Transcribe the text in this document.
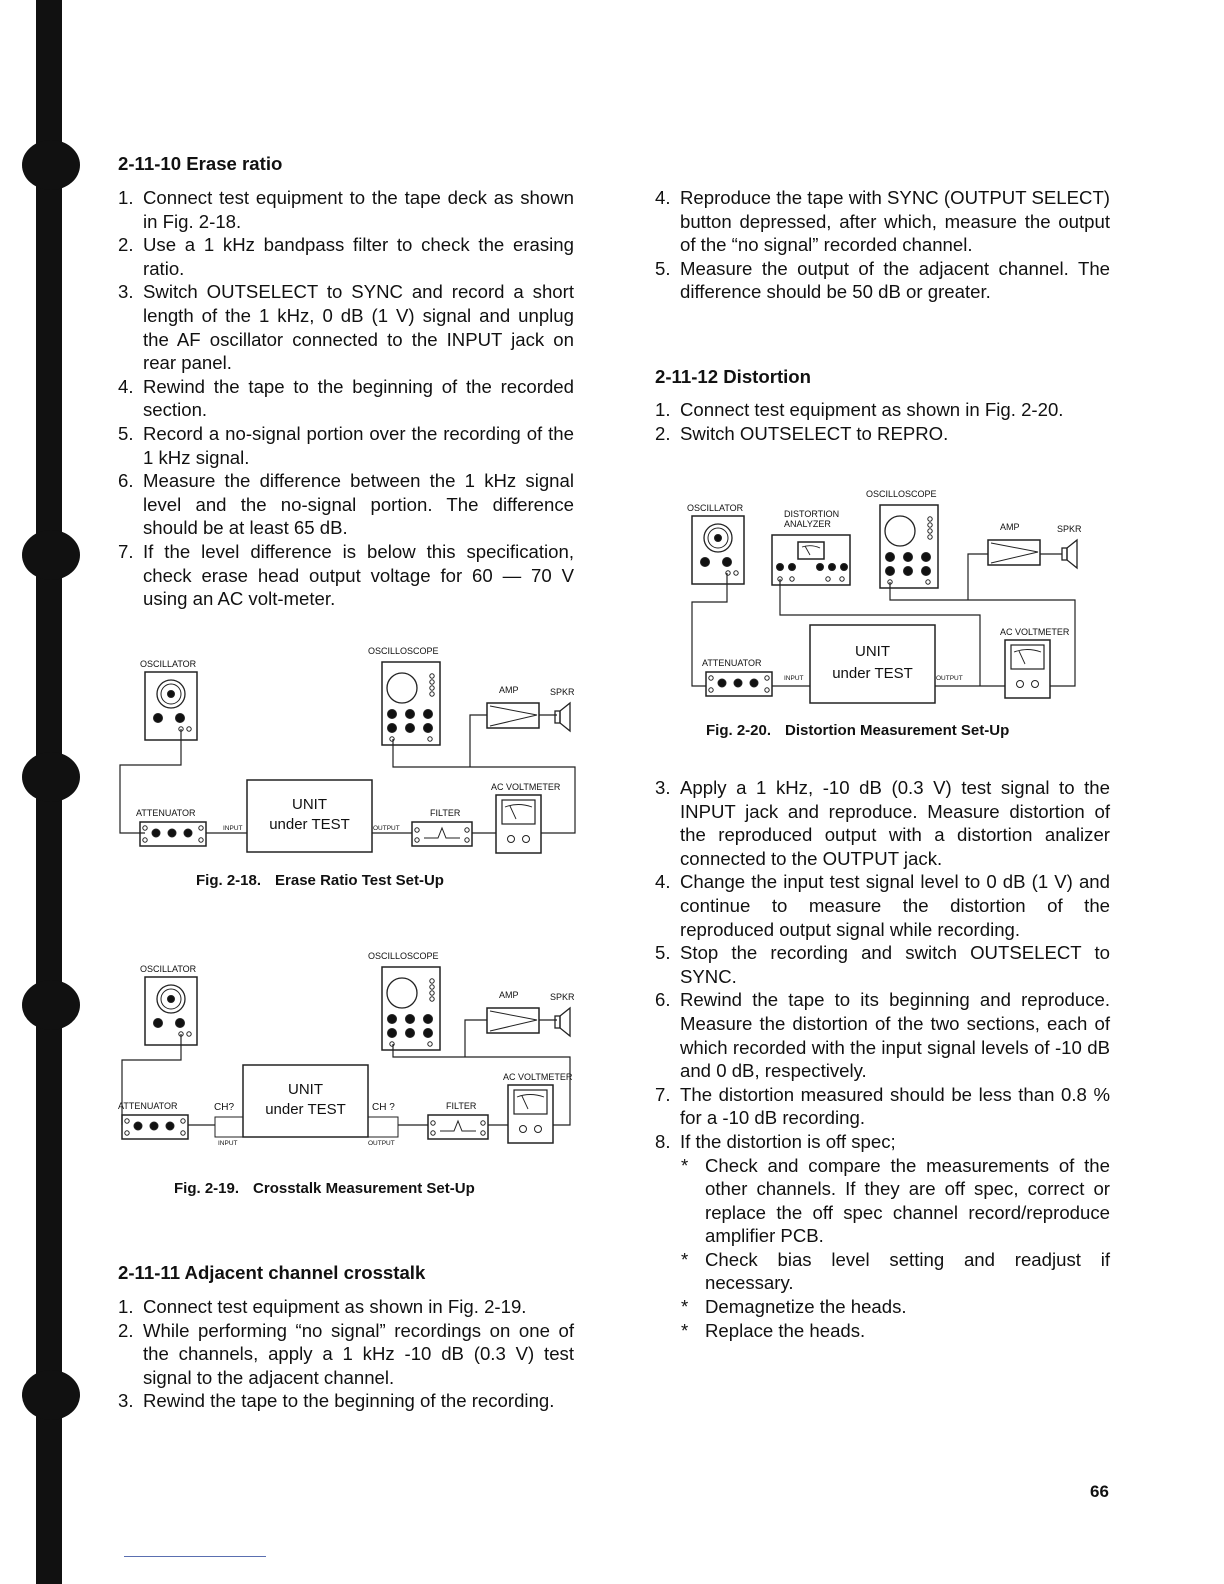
2-11-10 Erase ratio
1. Connect test equipment to the tape deck as shown in Fig. 2-18.
2. Use a 1 kHz bandpass filter to check the erasing ratio.
3. Switch OUTSELECT to SYNC and record a short length of the 1 kHz, 0 dB (1 V) signal and unplug the AF oscillator connected to the INPUT jack on rear panel.
4. Rewind the tape to the beginning of the recorded section.
5. Record a no-signal portion over the recording of the 1 kHz signal.
6. Measure the difference between the 1 kHz signal level and the no-signal portion. The difference should be at least 65 dB.
7. If the level difference is below this specification, check erase head output voltage for 60 — 70 V using an AC volt-meter.
OSCILLATOR
OSCILLOSCOPE
AMP	SPKR
ATTENUATOR
UNIT
under TEST
FILTER
AC VOLTMETER
INPUT	OUTPUT
Fig. 2-18. Erase Ratio Test Set-Up
OSCILLATOR
OSCILLOSCOPE
AMP	SPKR
ATTENUATOR
UNIT
under TEST	FILTER
AC VOLTMETER
CH?	CH ?
INPUT	OUTPUT
Fig. 2-19. Crosstalk Measurement Set-Up
2-11-11 Adjacent channel crosstalk
1. Connect test equipment as shown in Fig. 2-19.
2. While performing “no signal” recordings on one of the channels, apply a 1 kHz -10 dB (0.3 V) test signal to the adjacent channel.
3. Rewind the tape to the beginning of the recording.
4. Reproduce the tape with SYNC (OUTPUT SELECT) button depressed, after which, measure the output of the “no signal” recorded channel.
5. Measure the output of the adjacent channel. The difference should be 50 dB or greater.
2-11-12 Distortion
1. Connect test equipment as shown in Fig. 2-20.
2. Switch OUTSELECT to REPRO.
OSCILLATOR
DISTORTION
ANALYZER
OSCILLOSCOPE
AMP	SPKR
ATTENUATOR
UNIT
under TEST
AC VOLTMETER
INPUT	OUTPUT
Fig. 2-20. Distortion Measurement Set-Up
3. Apply a 1 kHz, -10 dB (0.3 V) test signal to the INPUT jack and reproduce. Measure distortion of the reproduced output with a distortion analizer connected to the OUTPUT jack.
4. Change the input test signal level to 0 dB (1 V) and continue to measure the distortion of the reproduced output signal while recording.
5. Stop the recording and switch OUTSELECT to SYNC.
6. Rewind the tape to its beginning and reproduce. Measure the distortion of the two sections, each of which recorded with the input signal levels of -10 dB and 0 dB, respectively.
7. The distortion measured should be less than 0.8 % for a -10 dB recording.
8. If the distortion is off spec;
* Check and compare the measurements of the other channels. If they are off spec, correct or replace the off spec channel record/reproduce amplifier PCB.
* Check bias level setting and readjust if necessary.
* Demagnetize the heads.
* Replace the heads.
66
